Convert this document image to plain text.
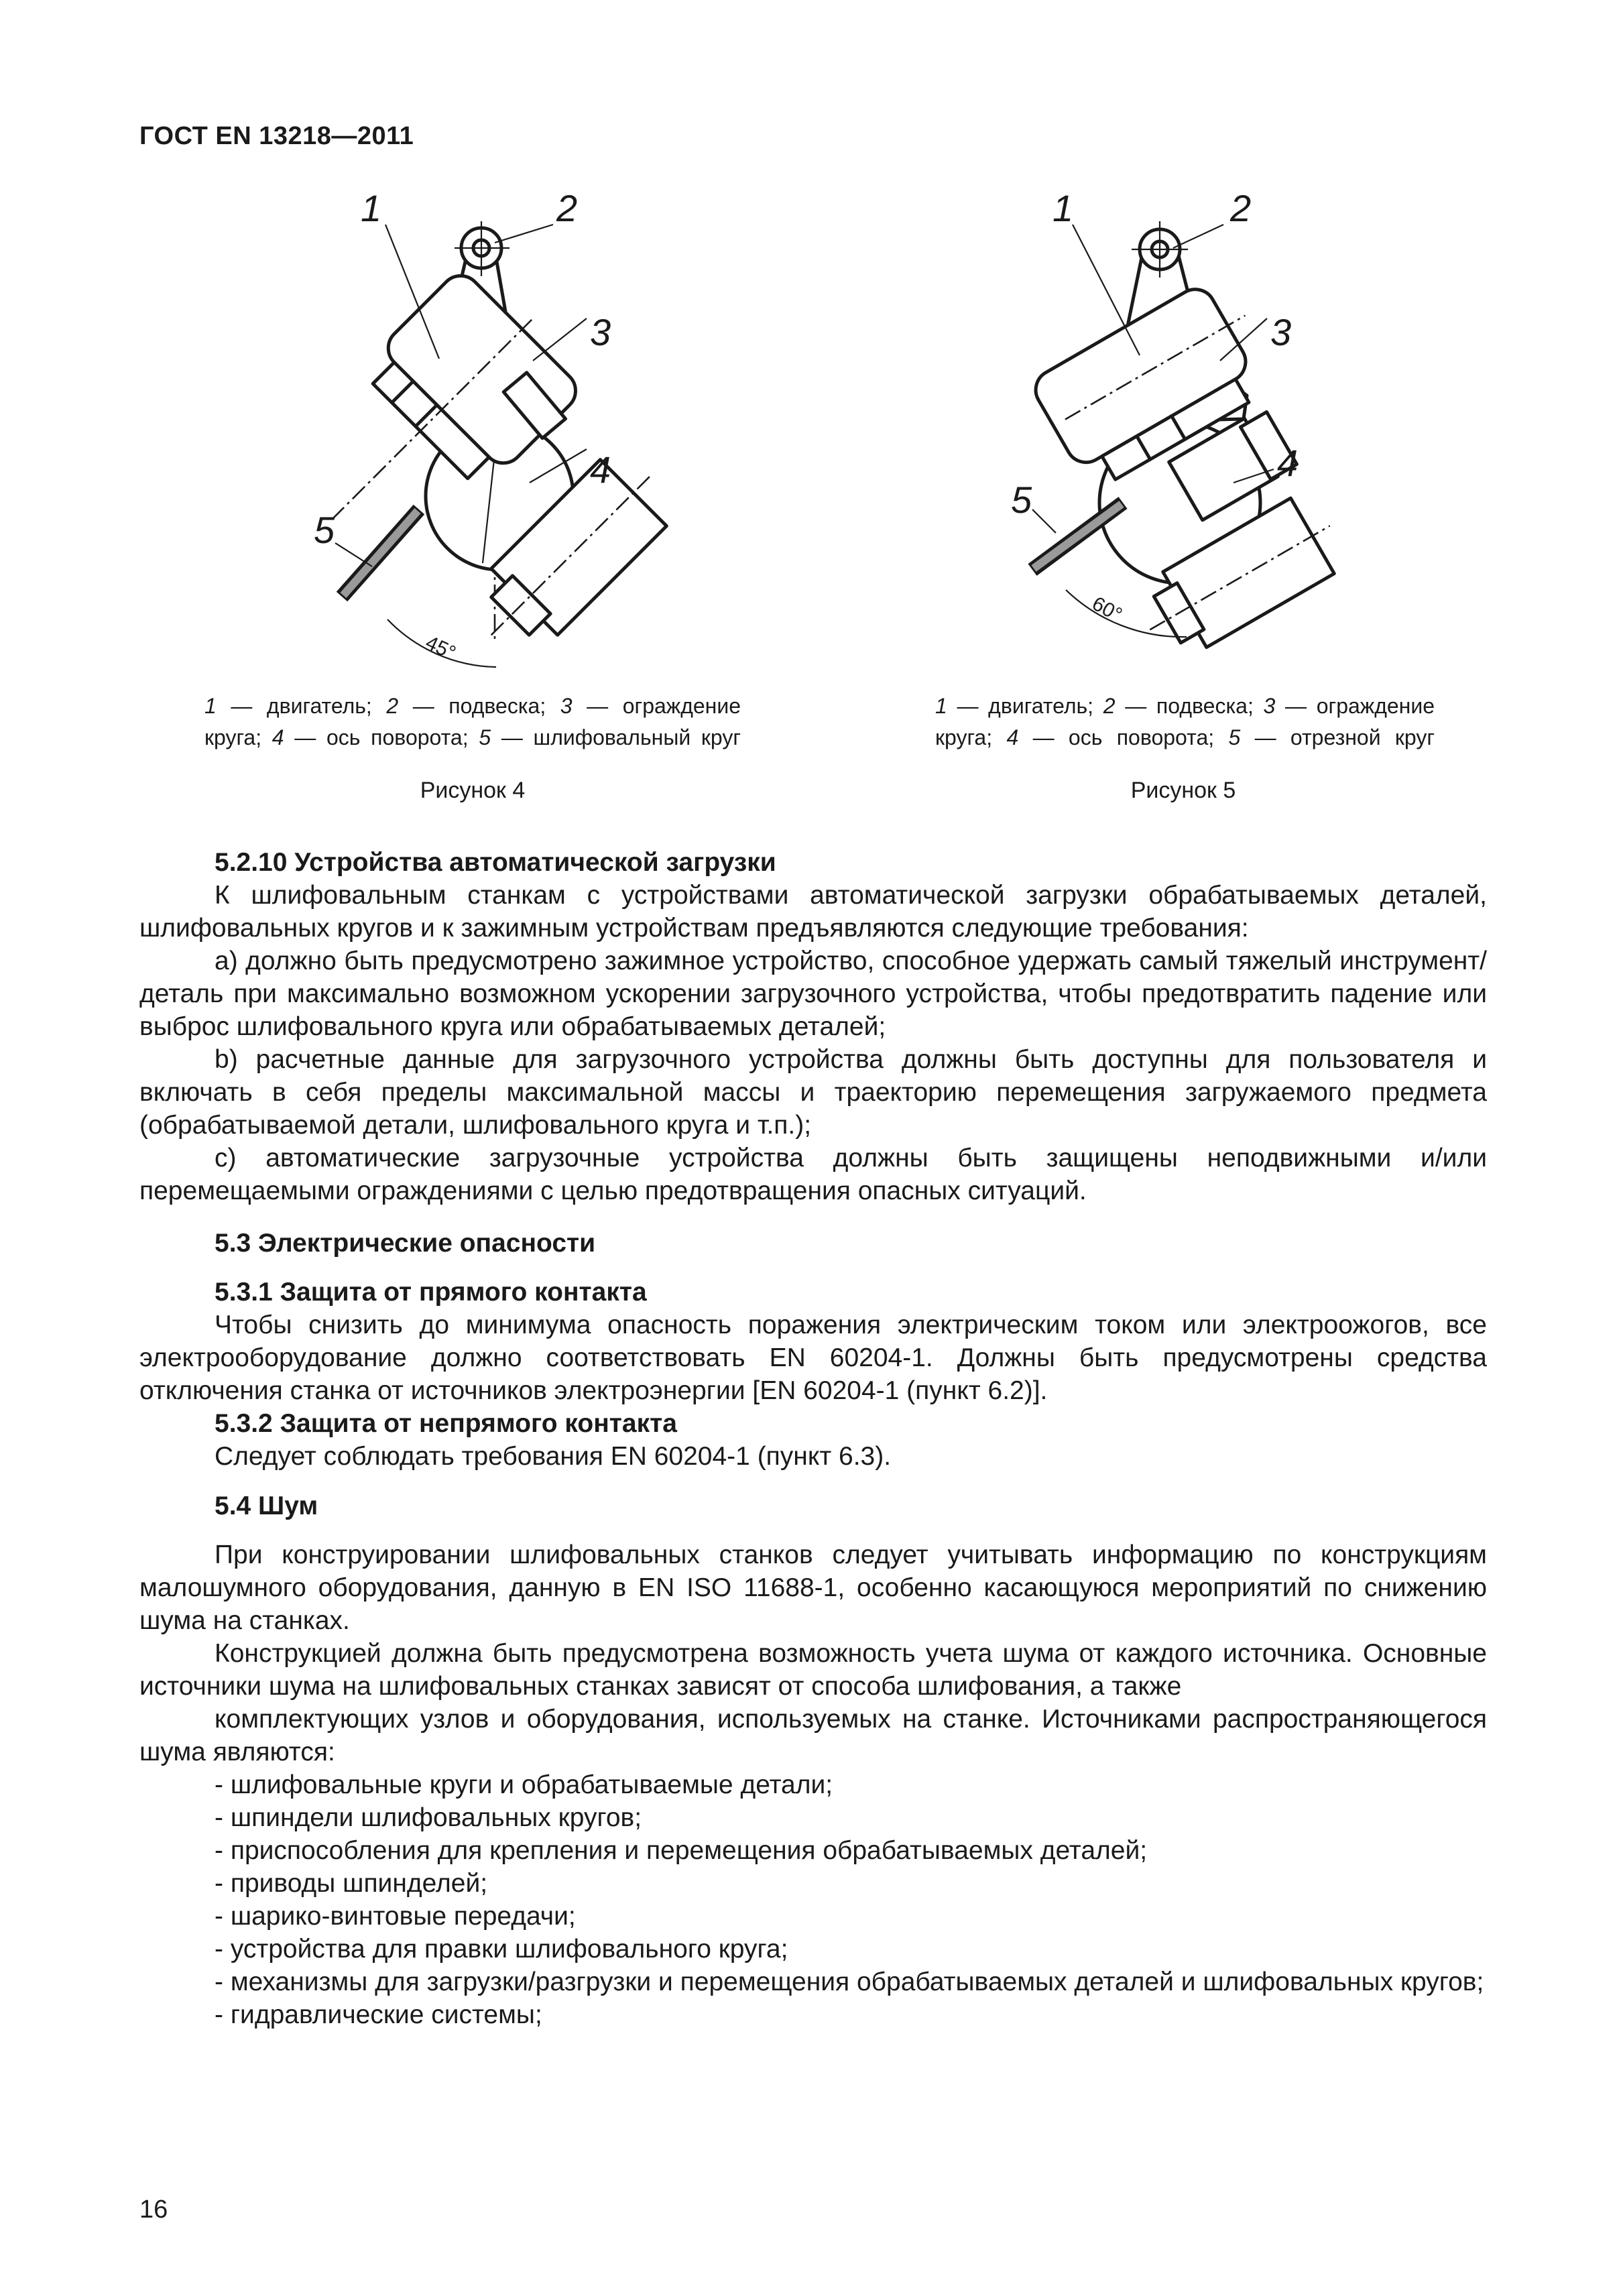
ГОСТ EN 13218—2011
45°
1	2
3
4
5
60°
1	2
3
4
5
1 — двигатель; 2 — подвеска; 3 — ограждение
круга; 4 — ось поворота; 5 — шлифовальный круг
Рисунок 4
1 — двигатель; 2 — подвеска; 3 — ограждение
круга; 4 — ось поворота; 5 — отрезной круг
Рисунок 5
5.2.10 Устройства автоматической загрузки

К шлифовальным станкам с устройствами автоматической загрузки обрабатываемых деталей, шлифовальных кругов и к зажимным устройствам предъявляются следующие требования:

a) должно быть предусмотрено зажимное устройство, способное удержать самый тяжелый инструмент/деталь при максимально возможном ускорении загрузочного устройства, чтобы предотвратить падение или выброс шлифовального круга или обрабатываемых деталей;

b) расчетные данные для загрузочного устройства должны быть доступны для пользователя и включать в себя пределы максимальной массы и траекторию перемещения загружаемого предмета (обрабатываемой детали, шлифовального круга и т.п.);

c) автоматические загрузочные устройства должны быть защищены неподвижными и/или перемещаемыми ограждениями с целью предотвращения опасных ситуаций.

5.3 Электрические опасности
5.3.1 Защита от прямого контакта

Чтобы снизить до минимума опасность поражения электрическим током или электроожогов, все электрооборудование должно соответствовать EN 60204-1. Должны быть предусмотрены средства отключения станка от источников электроэнергии [EN 60204-1 (пункт 6.2)].

5.3.2 Защита от непрямого контакта

Следует соблюдать требования EN 60204-1 (пункт 6.3).

5.4 Шум

При конструировании шлифовальных станков следует учитывать информацию по конструкциям малошумного оборудования, данную в EN ISO 11688-1, особенно касающуюся мероприятий по снижению шума на станках.

Конструкцией должна быть предусмотрена возможность учета шума от каждого источника. Основные источники шума на шлифовальных станках зависят от способа шлифования, а также

комплектующих узлов и оборудования, используемых на станке. Источниками распространяющегося шума являются:

- шлифовальные круги и обрабатываемые детали;

- шпиндели шлифовальных кругов;

- приспособления для крепления и перемещения обрабатываемых деталей;

- приводы шпинделей;

- шарико-винтовые передачи;

- устройства для правки шлифовального круга;

- механизмы для загрузки/разгрузки и перемещения обрабатываемых деталей и шлифовальных кругов;

- гидравлические системы;

16
